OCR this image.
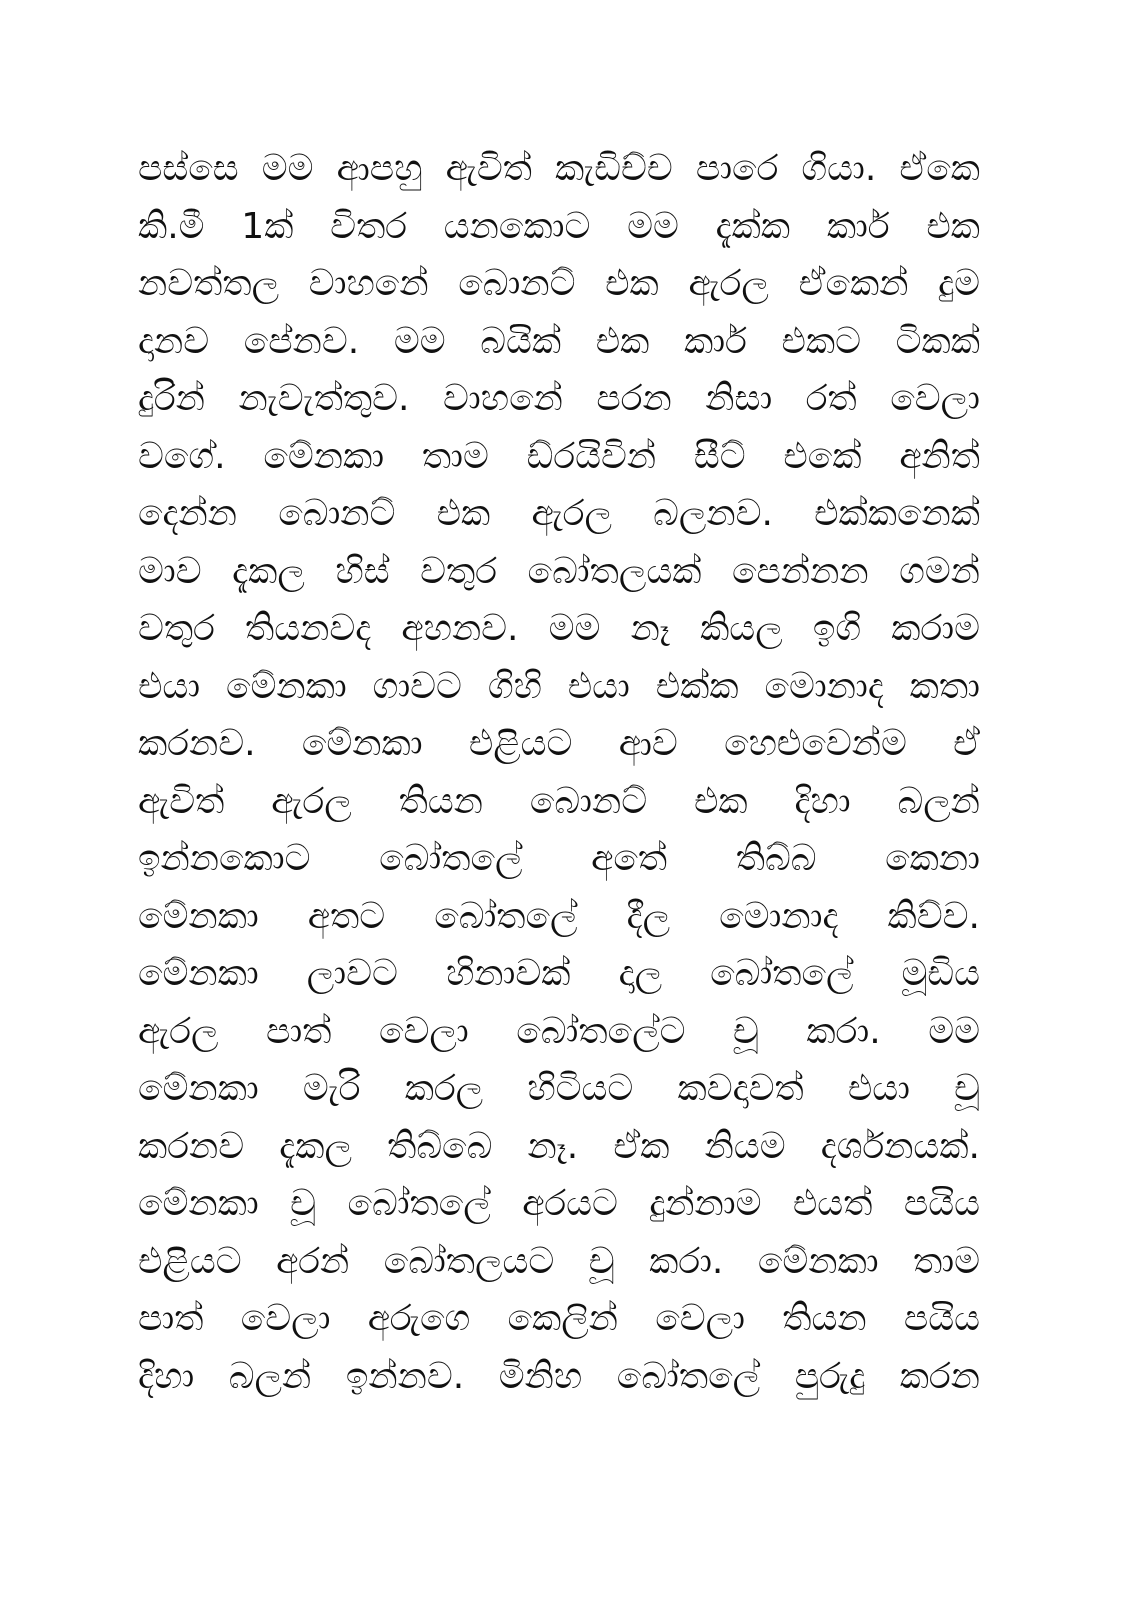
පස්සෙ මම ආපහු ඇවිත් කැඩිච්ච පාරෙ ගියා. ඒකෙ
කි.මී 1ක් විතර යනකොට මම දැක්ක කාර් එක
නවත්තල වාහනේ බොනට් එක ඇරල ඒකෙන් දුම
දානව පේනව. මම බයික් එක කාර් එකට ටිකක්
දුරින් නැවැත්තුව. වාහනේ පරන නිසා රත් වෙලා
වගේ. මේනකා තාම ඩ්රයිවින් සීට් එකේ අනිත්
දෙන්න බොනට් එක ඇරල බලනව. එක්කනෙක්
මාව දැකල හිස් වතුර බෝතලයක් පෙන්නන ගමන්
වතුර තියනවද අහනව. මම නෑ කියල ඉගි කරාම
එයා මේනකා ගාවට ගිහි එයා එක්ක මොනාද කතා
කරනව. මේනකා එළියට ආව හෙළුවෙන්ම ඒ
ඇවිත් ඇරල තියන බොනට් එක දිහා බලන්
ඉන්නකොට බෝතලේ අතේ තිබ්බ කෙනා
මේනකා අතට බෝතලේ දීල මොනාද කිව්ව.
මේනකා ලාවට හිනාවක් දාල බෝතලේ මූඩිය
ඇරල පාත් වෙලා බෝතලේට චූ කරා. මම
මේනකා මැරි කරල හිටියට කවදාවත් එයා චූ
කරනව දැකල තිබ්බෙ නෑ. ඒක නියම දර්ශනයක්.
මේනකා චූ බෝතලේ අරයට දුන්නාම එයත් පයිය
එළියට අරන් බෝතලයට චූ කරා. මේනකා තාම
පාත් වෙලා අරුගෙ කෙලින් වෙලා තියන පයිය
දිහා බලන් ඉන්නව. මිනිහ බෝතලේ පුරුදු කරන
